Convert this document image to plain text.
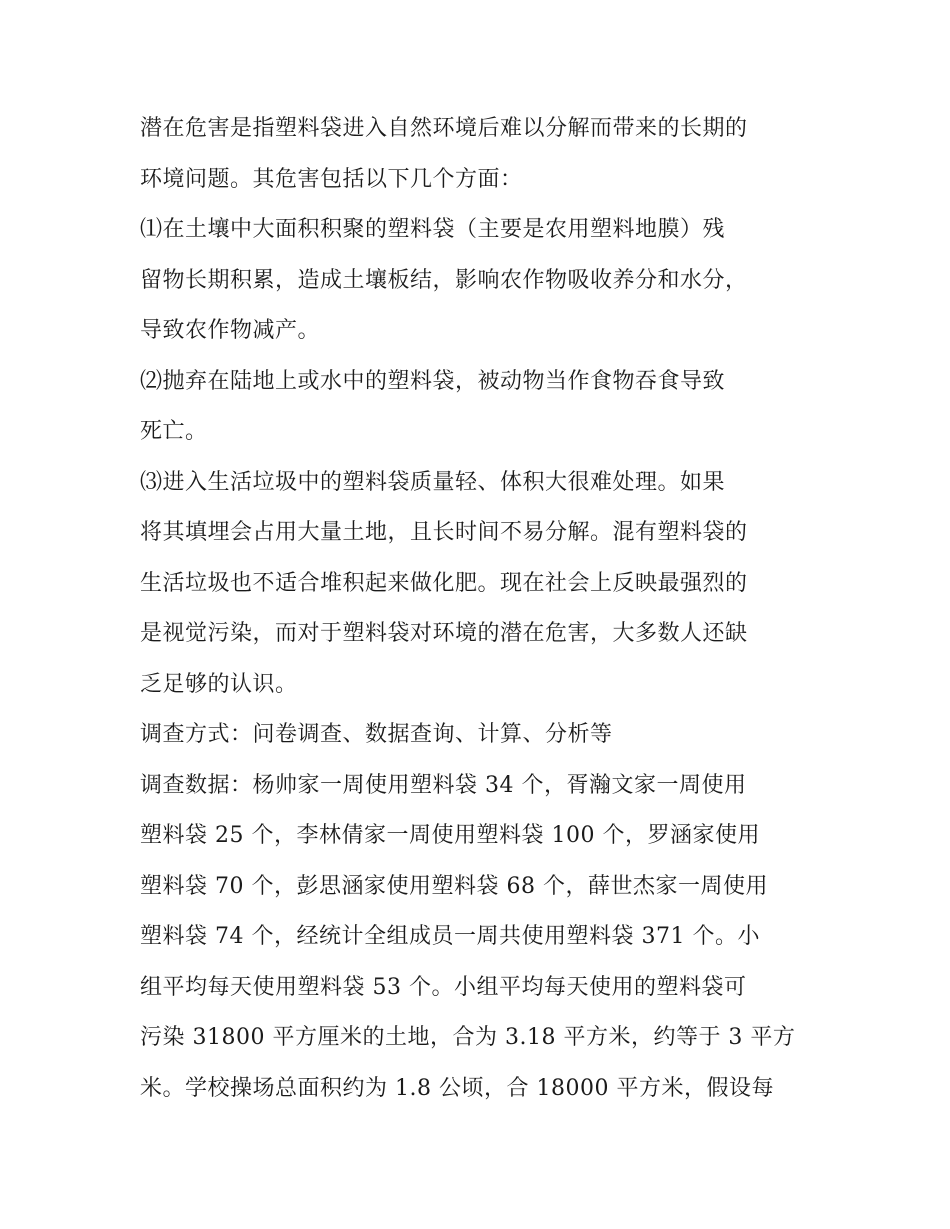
潜在危害是指塑料袋进入自然环境后难以分解而带来的长期的
环境问题。其危害包括以下几个方面：
⑴在土壤中大面积积聚的塑料袋（主要是农用塑料地膜）残
留物长期积累，造成土壤板结，影响农作物吸收养分和水分，
导致农作物减产。
⑵抛弃在陆地上或水中的塑料袋，被动物当作食物吞食导致
死亡。
⑶进入生活垃圾中的塑料袋质量轻、体积大很难处理。如果
将其填埋会占用大量土地，且长时间不易分解。混有塑料袋的
生活垃圾也不适合堆积起来做化肥。现在社会上反映最强烈的
是视觉污染，而对于塑料袋对环境的潜在危害，大多数人还缺
乏足够的认识。
调查方式：问卷调查、数据查询、计算、分析等
调查数据：杨帅家一周使用塑料袋 34 个，胥瀚文家一周使用
塑料袋 25 个，李林倩家一周使用塑料袋 100 个，罗涵家使用
塑料袋 70 个，彭思涵家使用塑料袋 68 个，薛世杰家一周使用
塑料袋 74 个，经统计全组成员一周共使用塑料袋 371 个。小
组平均每天使用塑料袋 53 个。小组平均每天使用的塑料袋可
污染 31800 平方厘米的土地，合为 3.18 平方米，约等于 3 平方
米。学校操场总面积约为 1.8 公顷，合 18000 平方米，假设每
